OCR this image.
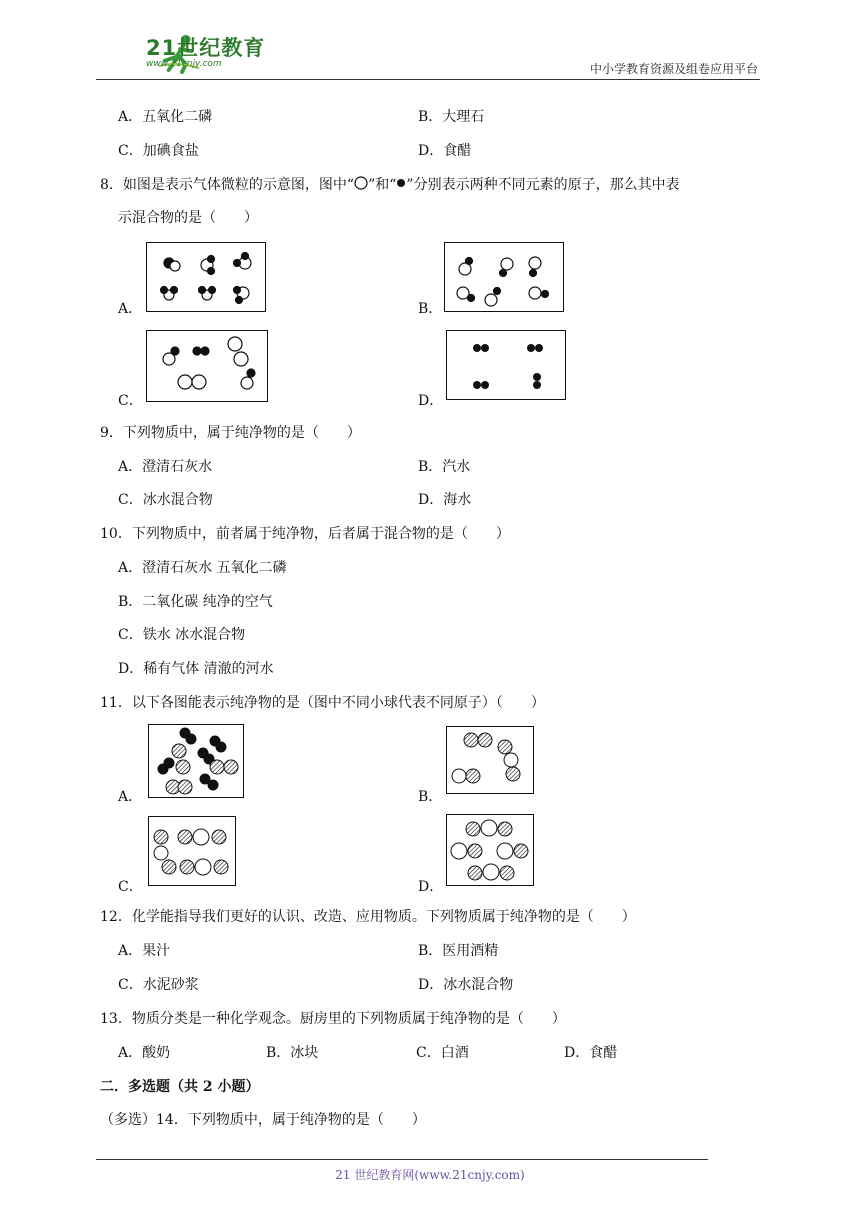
21世纪教育
www.21cnjy.com	中小学教育资源及组卷应用平台
A．五氧化二磷	B．大理石
C．加碘食盐	D．食醋
8．如图是表示气体微粒的示意图，图中“ ”和“ ”分别表示两种不同元素的原子，那么其中表
示混合物的是（　　）
A．	B．
C．	D．
9．下列物质中，属于纯净物的是（　　）
A．澄清石灰水	B．汽水
C．冰水混合物	D．海水
10．下列物质中，前者属于纯净物，后者属于混合物的是（　　）
A．澄清石灰水 五氧化二磷
B．二氧化碳 纯净的空气
C．铁水 冰水混合物
D．稀有气体 清澈的河水
11．以下各图能表示纯净物的是（图中不同小球代表不同原子）（　　）
A．	B．
C．	D．
12．化学能指导我们更好的认识、改造、应用物质。下列物质属于纯净物的是（　　）
A．果汁	B．医用酒精
C．水泥砂浆	D．冰水混合物
13．物质分类是一种化学观念。厨房里的下列物质属于纯净物的是（　　）
A．酸奶	B．冰块	C．白酒	D．食醋
二．多选题（共 2 小题）
（多选）14．下列物质中，属于纯净物的是（　　）
21 世纪教育网(www.21cnjy.com)
